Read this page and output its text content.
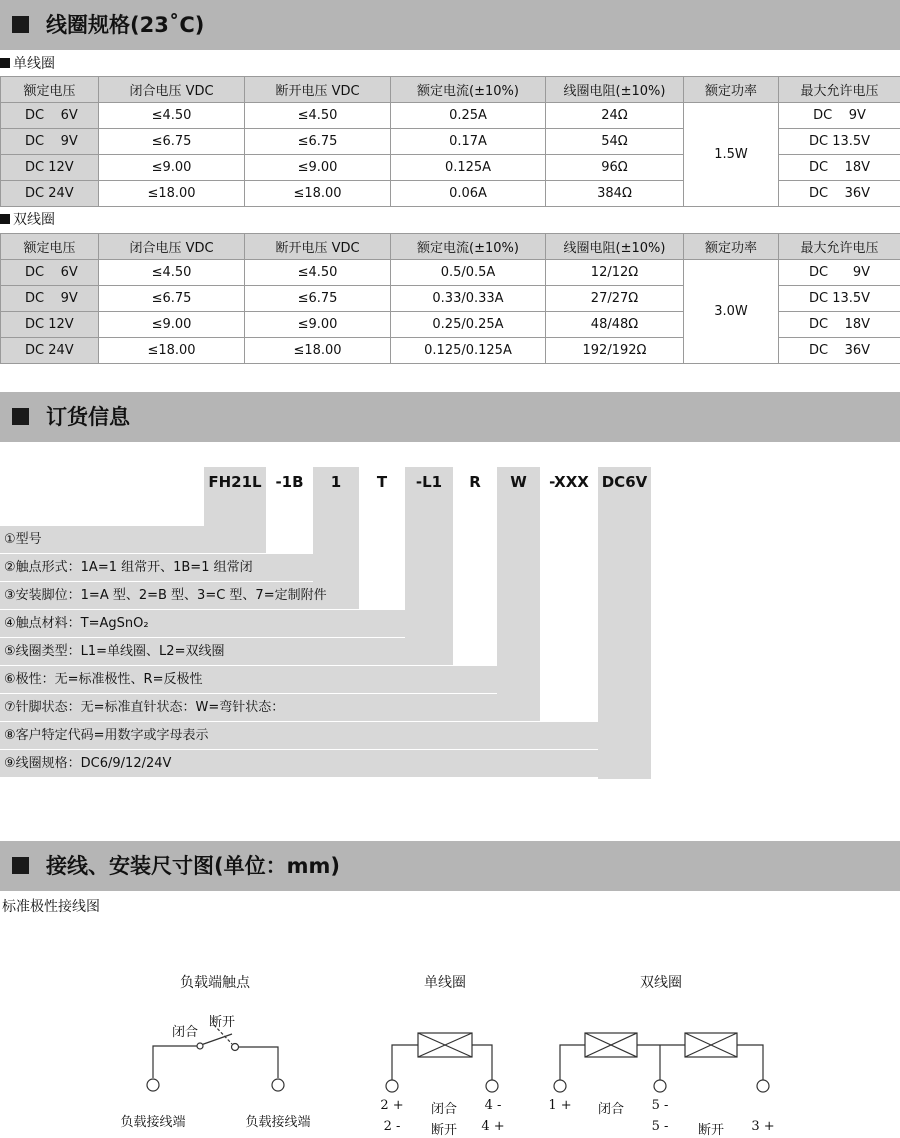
线圈规格(23˚C)
单线圈
额定电压	闭合电压 VDC	断开电压 VDC	额定电流(±10%)	线圈电阻(±10%)	额定功率	最大允许电压
DC    6V	≤4.50	≤4.50	0.25A	24Ω	1.5W	DC    9V
DC    9V	≤6.75	≤6.75	0.17A	54Ω		DC 13.5V
DC 12V	≤9.00	≤9.00	0.125A	96Ω		DC    18V
DC 24V	≤18.00	≤18.00	0.06A	384Ω		DC    36V
双线圈
额定电压	闭合电压 VDC	断开电压 VDC	额定电流(±10%)	线圈电阻(±10%)	额定功率	最大允许电压
DC    6V	≤4.50	≤4.50	0.5/0.5A	12/12Ω	3.0W	DC      9V
DC    9V	≤6.75	≤6.75	0.33/0.33A	27/27Ω		DC 13.5V
DC 12V	≤9.00	≤9.00	0.25/0.25A	48/48Ω		DC    18V
DC 24V	≤18.00	≤18.00	0.125/0.125A	192/192Ω		DC    36V
订货信息
FH21L -1B	1	T	-L1	R	W	-XXX DC6V
①型号
②触点形式：1A=1 组常开、1B=1 组常闭
③安装脚位：1=A 型、2=B 型、3=C 型、7=定制附件
④触点材料：T=AgSnO₂
⑤线圈类型：L1=单线圈、L2=双线圈
⑥极性：无=标准极性、R=反极性
⑦针脚状态：无=标准直针状态：W=弯针状态：
⑧客户特定代码=用数字或字母表示
⑨线圈规格：DC6/9/12/24V
接线、安装尺寸图(单位：mm)
标准极性接线图
负载端触点
闭合
断开
负载接线端	负载接线端
单线圈
2 +
2 -
闭合
断开
4 -
4 +
双线圈
1 +	闭合	5 -
5 -	断开	3 +
